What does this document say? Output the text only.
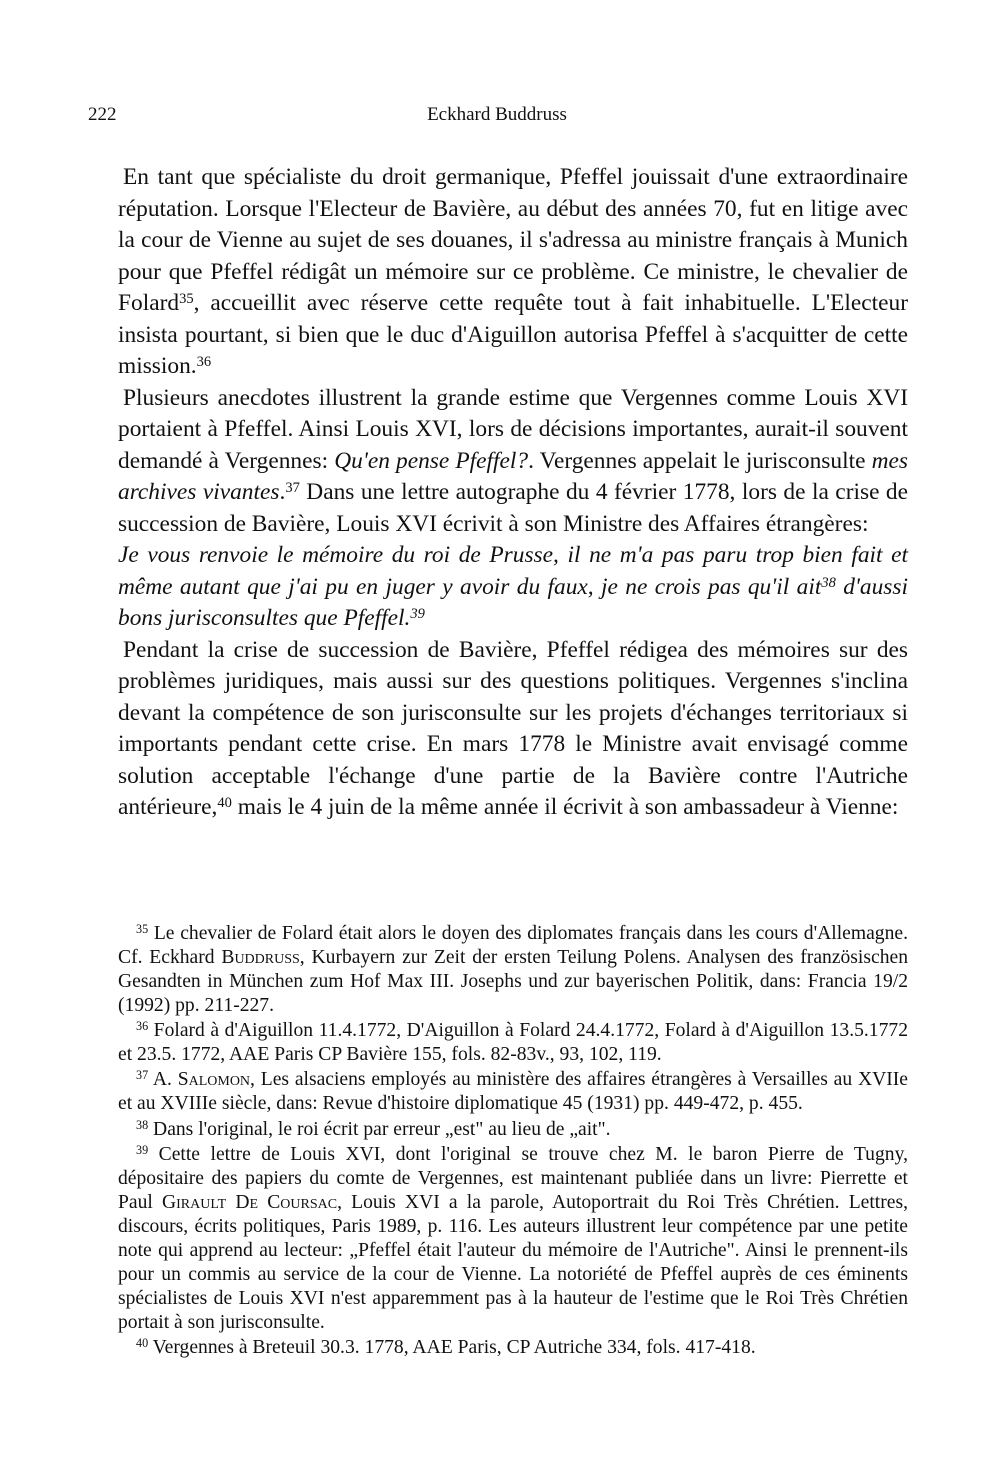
222	Eckhard Buddruss

En tant que spécialiste du droit germanique, Pfeffel jouissait d'une extraordinaire réputation. Lorsque l'Electeur de Bavière, au début des années 70, fut en litige avec la cour de Vienne au sujet de ses douanes, il s'adressa au ministre français à Munich pour que Pfeffel rédigât un mémoire sur ce problème. Ce ministre, le chevalier de Folard$^{35}$, accueillit avec réserve cette requête tout à fait inhabituelle. L'Electeur insista pourtant, si bien que le duc d'Aiguillon autorisa Pfeffel à s'acquitter de cette mission.$^{36}$

Plusieurs anecdotes illustrent la grande estime que Vergennes comme Louis XVI portaient à Pfeffel. Ainsi Louis XVI, lors de décisions importantes, aurait-il souvent demandé à Vergennes: Qu'en pense Pfeffel?. Vergennes appelait le jurisconsulte mes archives vivantes.$^{37}$ Dans une lettre autographe du 4 février 1778, lors de la crise de succession de Bavière, Louis XVI écrivit à son Ministre des Affaires étrangères:

Je vous renvoie le mémoire du roi de Prusse, il ne m'a pas paru trop bien fait et même autant que j'ai pu en juger y avoir du faux, je ne crois pas qu'il ait$^{38}$ d'aussi bons jurisconsultes que Pfeffel.$^{39}$

Pendant la crise de succession de Bavière, Pfeffel rédigea des mémoires sur des problèmes juridiques, mais aussi sur des questions politiques. Vergennes s'inclina devant la compétence de son jurisconsulte sur les projets d'échanges territoriaux si importants pendant cette crise. En mars 1778 le Ministre avait envisagé comme solution acceptable l'échange d'une partie de la Bavière contre l'Autriche antérieure,$^{40}$ mais le 4 juin de la même année il écrivit à son ambassadeur à Vienne:

$^{35}$ Le chevalier de Folard était alors le doyen des diplomates français dans les cours d'Allemagne. Cf. Eckhard Buddruss, Kurbayern zur Zeit der ersten Teilung Polens. Analysen des französischen Gesandten in München zum Hof Max III. Josephs und zur bayerischen Politik, dans: Francia 19/2 (1992) pp. 211-227.

$^{36}$ Folard à d'Aiguillon 11.4.1772, D'Aiguillon à Folard 24.4.1772, Folard à d'Aiguillon 13.5.1772 et 23.5. 1772, AAE Paris CP Bavière 155, fols. 82-83v., 93, 102, 119.

$^{37}$ A. Salomon, Les alsaciens employés au ministère des affaires étrangères à Versailles au XVIIe et au XVIIIe siècle, dans: Revue d'histoire diplomatique 45 (1931) pp. 449-472, p. 455.

$^{38}$ Dans l'original, le roi écrit par erreur „est" au lieu de „ait".

$^{39}$ Cette lettre de Louis XVI, dont l'original se trouve chez M. le baron Pierre de Tugny, dépositaire des papiers du comte de Vergennes, est maintenant publiée dans un livre: Pierrette et Paul Girault De Coursac, Louis XVI a la parole, Autoportrait du Roi Très Chrétien. Lettres, discours, écrits politiques, Paris 1989, p. 116. Les auteurs illustrent leur compétence par une petite note qui apprend au lecteur: „Pfeffel était l'auteur du mémoire de l'Autriche". Ainsi le prennent-ils pour un commis au service de la cour de Vienne. La notoriété de Pfeffel auprès de ces éminents spécialistes de Louis XVI n'est apparemment pas à la hauteur de l'estime que le Roi Très Chrétien portait à son jurisconsulte.

$^{40}$ Vergennes à Breteuil 30.3. 1778, AAE Paris, CP Autriche 334, fols. 417-418.
